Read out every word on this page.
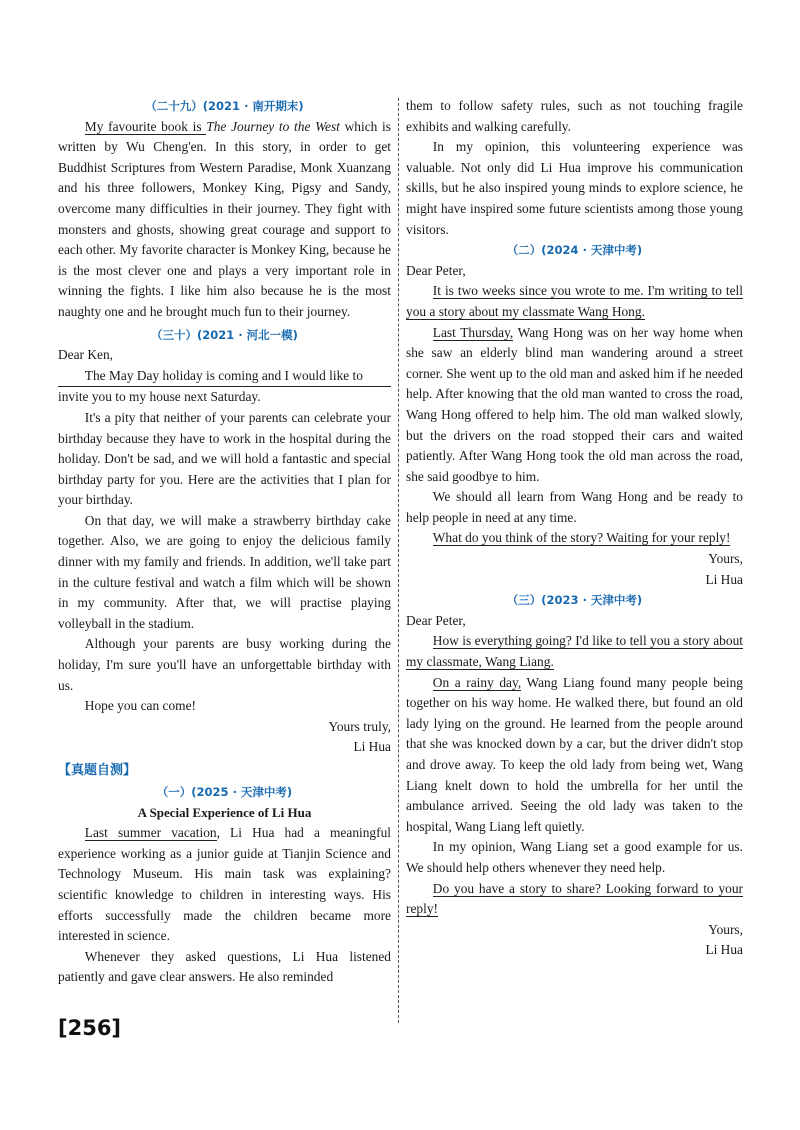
（二十九）(2021 · 南开期末)

My favourite book is The Journey to the West which is written by Wu Cheng'en. In this story, in order to get Buddhist Scriptures from Western Paradise, Monk Xuanzang and his three followers, Monkey King, Pigsy and Sandy, overcome many difficulties in their journey. They fight with monsters and ghosts, showing great courage and support to each other. My favorite character is Monkey King, because he is the most clever one and plays a very important role in winning the fights. I like him also because he is the most naughty one and he brought much fun to their journey.

（三十）(2021 · 河北一模)

Dear Ken,

The May Day holiday is coming and I would like to
invite you to my house next Saturday.

It's a pity that neither of your parents can celebrate your birthday because they have to work in the hospital during the holiday. Don't be sad, and we will hold a fantastic and special birthday party for you. Here are the activities that I plan for your birthday.

On that day, we will make a strawberry birthday cake together. Also, we are going to enjoy the delicious family dinner with my family and friends. In addition, we'll take part in the culture festival and watch a film which will be shown in my community. After that, we will practise playing volleyball in the stadium.

Although your parents are busy working during the holiday, I'm sure you'll have an unforgettable birthday with us.

Hope you can come!

Yours truly,

Li Hua

【真题自测】

（一）(2025 · 天津中考)

A Special Experience of Li Hua

Last summer vacation, Li Hua had a meaningful experience working as a junior guide at Tianjin Science and Technology Museum. His main task was explaining? scientific knowledge to children in interesting ways. His efforts successfully made the children became more interested in science.

Whenever they asked questions, Li Hua listened patiently and gave clear answers. He also reminded

them to follow safety rules, such as not touching fragile exhibits and walking carefully.

In my opinion, this volunteering experience was valuable. Not only did Li Hua improve his communication skills, but he also inspired young minds to explore science, he might have inspired some future scientists among those young visitors.

（二）(2024 · 天津中考)

Dear Peter,

It is two weeks since you wrote to me. I'm writing to tell you a story about my classmate Wang Hong.

Last Thursday, Wang Hong was on her way home when she saw an elderly blind man wandering around a street corner. She went up to the old man and asked him if he needed help. After knowing that the old man wanted to cross the road, Wang Hong offered to help him. The old man walked slowly, but the drivers on the road stopped their cars and waited patiently. After Wang Hong took the old man across the road, she said goodbye to him.

We should all learn from Wang Hong and be ready to help people in need at any time.

What do you think of the story? Waiting for your reply!

Yours,

Li Hua

（三）(2023 · 天津中考)

Dear Peter,

How is everything going? I'd like to tell you a story about my classmate, Wang Liang.

On a rainy day, Wang Liang found many people being together on his way home. He walked there, but found an old lady lying on the ground. He learned from the people around that she was knocked down by a car, but the driver didn't stop and drove away. To keep the old lady from being wet, Wang Liang knelt down to hold the umbrella for her until the ambulance arrived. Seeing the old lady was taken to the hospital, Wang Liang left quietly.

In my opinion, Wang Liang set a good example for us. We should help others whenever they need help.

Do you have a story to share? Looking forward to your reply!

Yours,

Li Hua

[256]
